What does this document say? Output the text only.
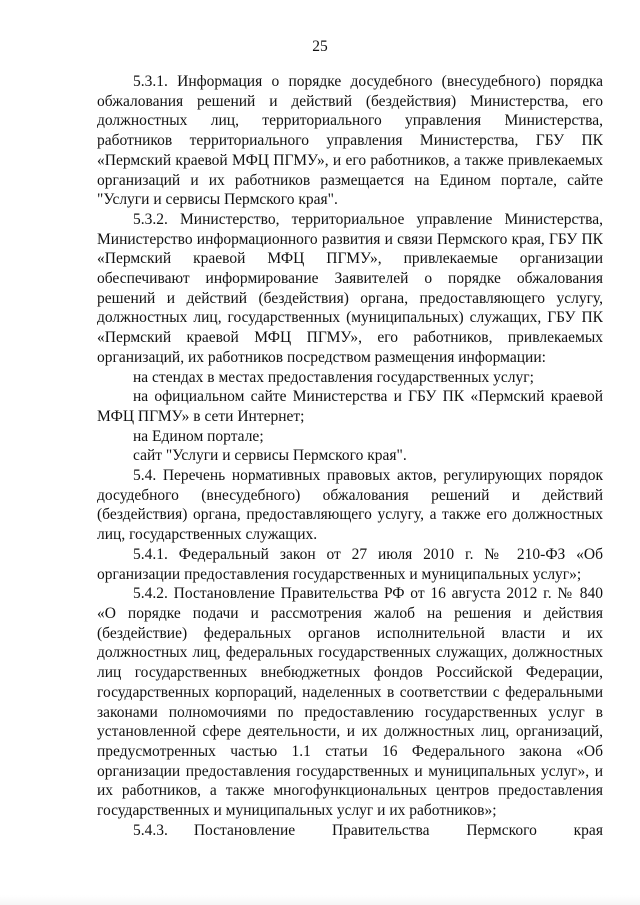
25

5.3.1. Информация о порядке досудебного (внесудебного) порядка обжалования решений и действий (бездействия) Министерства, его должностных лиц, территориального управления Министерства, работников территориального управления Министерства, ГБУ ПК «Пермский краевой МФЦ ПГМУ», и его работников, а также привлекаемых организаций и их работников размещается на Едином портале, сайте "Услуги и сервисы Пермского края".

5.3.2. Министерство, территориальное управление Министерства, Министерство информационного развития и связи Пермского края, ГБУ ПК «Пермский краевой МФЦ ПГМУ», привлекаемые организации обеспечивают информирование Заявителей о порядке обжалования решений и действий (бездействия) органа, предоставляющего услугу, должностных лиц, государственных (муниципальных) служащих, ГБУ ПК «Пермский краевой МФЦ ПГМУ», его работников, привлекаемых организаций, их работников посредством размещения информации:

на стендах в местах предоставления государственных услуг;

на официальном сайте Министерства и ГБУ ПК «Пермский краевой МФЦ ПГМУ» в сети Интернет;

на Едином портале;

сайт "Услуги и сервисы Пермского края".

5.4. Перечень нормативных правовых актов, регулирующих порядок досудебного (внесудебного) обжалования решений и действий (бездействия) органа, предоставляющего услугу, а также его должностных лиц, государственных служащих.

5.4.1. Федеральный закон от 27 июля 2010 г. № 210-ФЗ «Об организации предоставления государственных и муниципальных услуг»;

5.4.2. Постановление Правительства РФ от 16 августа 2012 г. № 840 «О порядке подачи и рассмотрения жалоб на решения и действия (бездействие) федеральных органов исполнительной власти и их должностных лиц, федеральных государственных служащих, должностных лиц государственных внебюджетных фондов Российской Федерации, государственных корпораций, наделенных в соответствии с федеральными законами полномочиями по предоставлению государственных услуг в установленной сфере деятельности, и их должностных лиц, организаций, предусмотренных частью 1.1 статьи 16 Федерального закона «Об организации предоставления государственных и муниципальных услуг», и их работников, а также многофункциональных центров предоставления государственных и муниципальных услуг и их работников»;

5.4.3.	Постановление	Правительства	Пермского	края
